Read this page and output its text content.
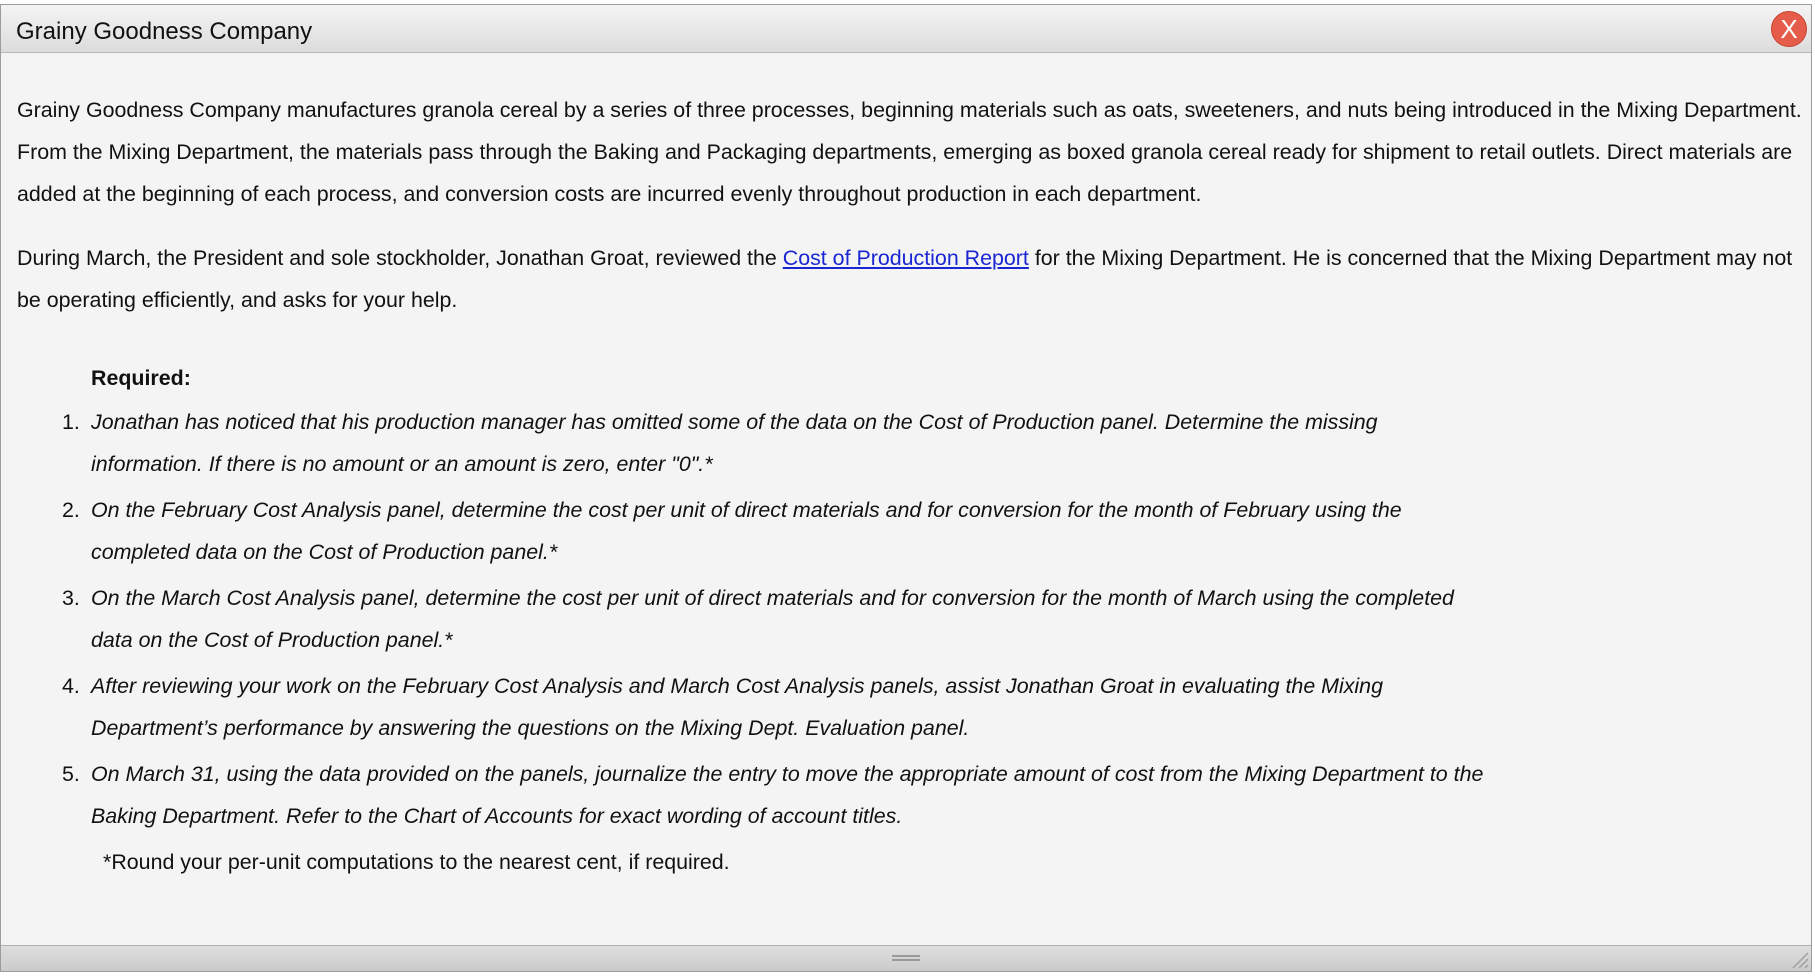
Grainy Goodness Company	X

Grainy Goodness Company manufactures granola cereal by a series of three processes, beginning materials such as oats, sweeteners, and nuts being introduced in the Mixing Department. From the Mixing Department, the materials pass through the Baking and Packaging departments, emerging as boxed granola cereal ready for shipment to retail outlets. Direct materials are added at the beginning of each process, and conversion costs are incurred evenly throughout production in each department.

During March, the President and sole stockholder, Jonathan Groat, reviewed the Cost of Production Report for the Mixing Department. He is concerned that the Mixing Department may not be operating efficiently, and asks for your help.

Required:
1. Jonathan has noticed that his production manager has omitted some of the data on the Cost of Production panel. Determine the missing information. If there is no amount or an amount is zero, enter "0".*
2. On the February Cost Analysis panel, determine the cost per unit of direct materials and for conversion for the month of February using the completed data on the Cost of Production panel.*
3. On the March Cost Analysis panel, determine the cost per unit of direct materials and for conversion for the month of March using the completed data on the Cost of Production panel.*
4. After reviewing your work on the February Cost Analysis and March Cost Analysis panels, assist Jonathan Groat in evaluating the Mixing Department’s performance by answering the questions on the Mixing Dept. Evaluation panel.
5. On March 31, using the data provided on the panels, journalize the entry to move the appropriate amount of cost from the Mixing Department to the Baking Department. Refer to the Chart of Accounts for exact wording of account titles.
*Round your per-unit computations to the nearest cent, if required.
